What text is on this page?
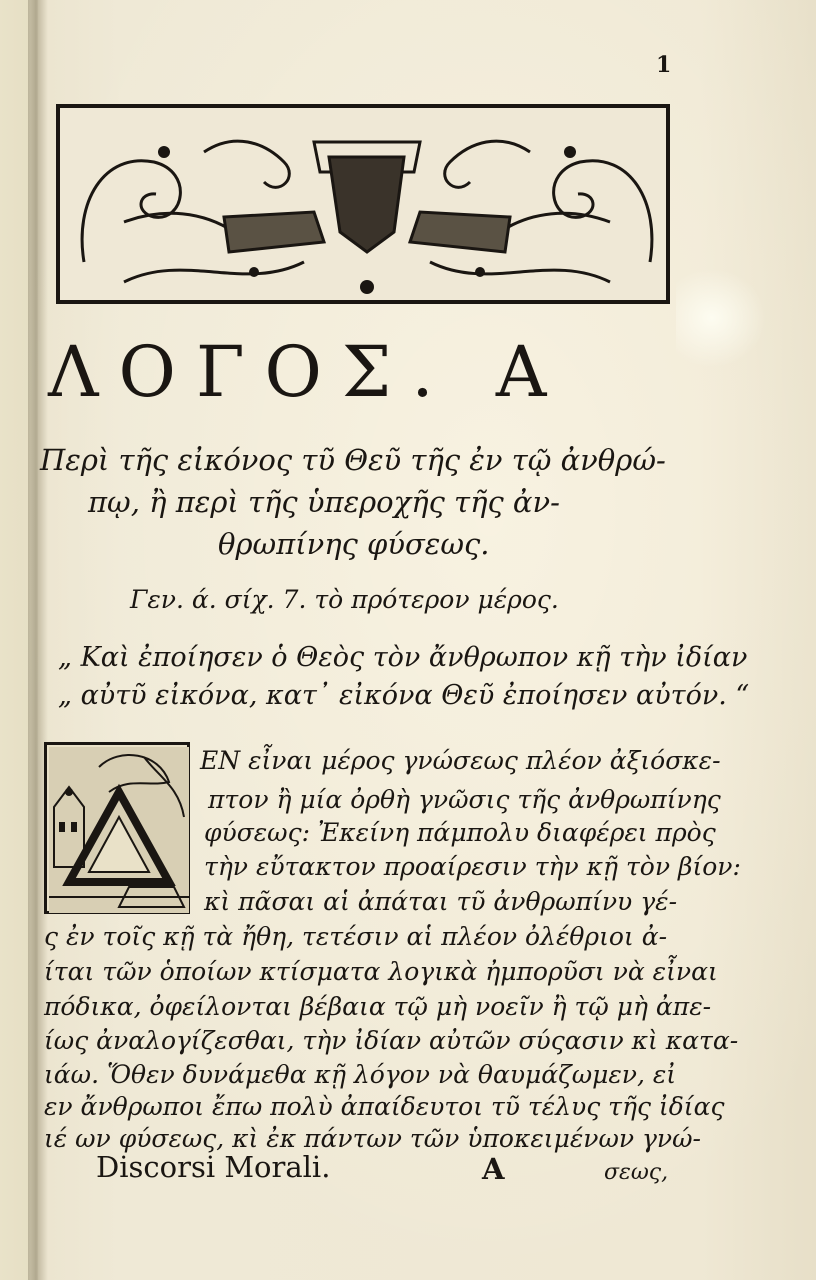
1
ΛΟΓΟΣ. Α
Περὶ τῆς εἰκόνος τῦ Θεῦ τῆς ἐν τῷ ἀνθρώ-
πῳ, ἢ περὶ τῆς ὑπεροχῆς τῆς ἀν-
θρωπίνης φύσεως.
Γεν. ά. σίχ. 7. τὸ πρότερον μέρος.
„ Καὶ ἐποίησεν ὁ Θεὸς τὸν ἄνθρωπον κῇ τὴν ἰδίαν
„ αὐτῦ εἰκόνα, κατ᾽ εἰκόνα Θεῦ ἐποίησεν αὐτόν. “
ΕΝ εἶναι μέρος γνώσεως πλέον ἀξιόσκε-
πτον ἢ μία ὀρθὴ γνῶσις τῆς ἀνθρωπίνης
φύσεως: Ἐκείνη πάμπολυ διαφέρει πρὸς
τὴν εὔτακτον προαίρεσιν τὴν κῇ τὸν βίον:
κὶ πᾶσαι αἱ ἀπάται τῦ ἀνθρωπίνυ γέ-
ς ἐν τοῖς κῇ τὰ ἤθη, τετέσιν αἱ πλέον ὀλέθριοι ἀ-
ίται τῶν ὁποίων κτίσματα λογικὰ ἠμπορῦσι νὰ εἶναι
πόδικα, ὀφείλονται βέβαια τῷ μὴ νοεῖν ἢ τῷ μὴ ἀπε-
ίως ἀναλογίζεσθαι, τὴν ἰδίαν αὐτῶν σύςασιν κὶ κατα-
ιάω. Ὅθεν δυνάμεθα κῇ λόγον νὰ θαυμάζωμεν, εἰ
εν ἄνθρωποι ἔπω πολὺ ἀπαίδευτοι τῦ τέλυς τῆς ἰδίας
ιέ ων φύσεως, κὶ ἐκ πάντων τῶν ὑποκειμένων γνώ-
Discorsi Morali.	A	σεως,
